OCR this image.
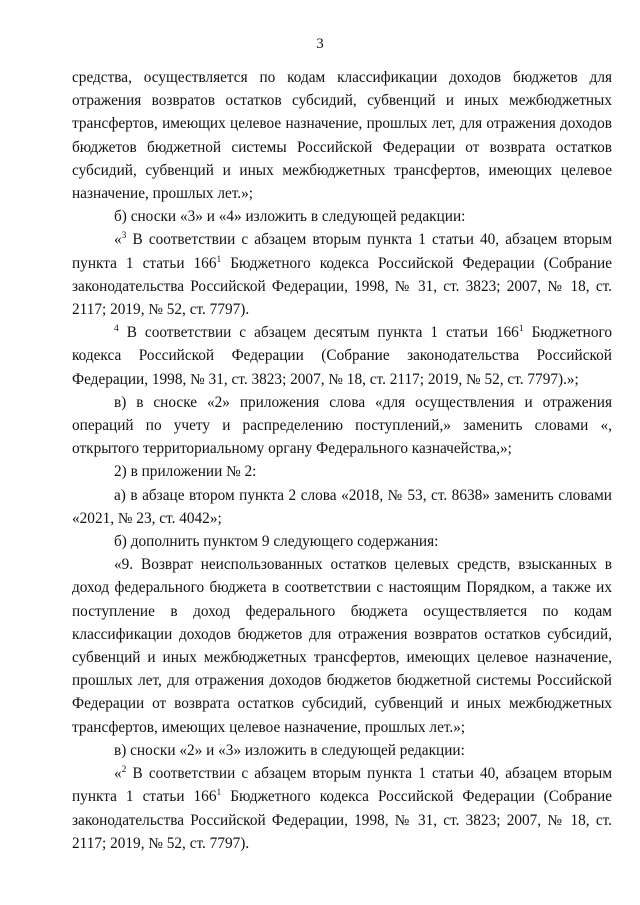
3

средства, осуществляется по кодам классификации доходов бюджетов для отражения возвратов остатков субсидий, субвенций и иных межбюджетных трансфертов, имеющих целевое назначение, прошлых лет, для отражения доходов бюджетов бюджетной системы Российской Федерации от возврата остатков субсидий, субвенций и иных межбюджетных трансфертов, имеющих целевое назначение, прошлых лет.»;

б) сноски «3» и «4» изложить в следующей редакции:

«$^3$ В соответствии с абзацем вторым пункта 1 статьи 40, абзацем вторым пункта 1 статьи $166^1$ Бюджетного кодекса Российской Федерации (Собрание законодательства Российской Федерации, 1998, № 31, ст. 3823; 2007, № 18, ст. 2117; 2019, № 52, ст. 7797).

$^4$ В соответствии с абзацем десятым пункта 1 статьи $166^1$ Бюджетного кодекса Российской Федерации (Собрание законодательства Российской Федерации, 1998, № 31, ст. 3823; 2007, № 18, ст. 2117; 2019, № 52, ст. 7797).»;

в) в сноске «2» приложения слова «для осуществления и отражения операций по учету и распределению поступлений,» заменить словами «, открытого территориальному органу Федерального казначейства,»;

2) в приложении № 2:

а) в абзаце втором пункта 2 слова «2018, № 53, ст. 8638» заменить словами «2021, № 23, ст. 4042»;

б) дополнить пунктом 9 следующего содержания:

«9. Возврат неиспользованных остатков целевых средств, взысканных в доход федерального бюджета в соответствии с настоящим Порядком, а также их поступление в доход федерального бюджета осуществляется по кодам классификации доходов бюджетов для отражения возвратов остатков субсидий, субвенций и иных межбюджетных трансфертов, имеющих целевое назначение, прошлых лет, для отражения доходов бюджетов бюджетной системы Российской Федерации от возврата остатков субсидий, субвенций и иных межбюджетных трансфертов, имеющих целевое назначение, прошлых лет.»;

в) сноски «2» и «3» изложить в следующей редакции:

«$^2$ В соответствии с абзацем вторым пункта 1 статьи 40, абзацем вторым пункта 1 статьи $166^1$ Бюджетного кодекса Российской Федерации (Собрание законодательства Российской Федерации, 1998, № 31, ст. 3823; 2007, № 18, ст. 2117; 2019, № 52, ст. 7797).
